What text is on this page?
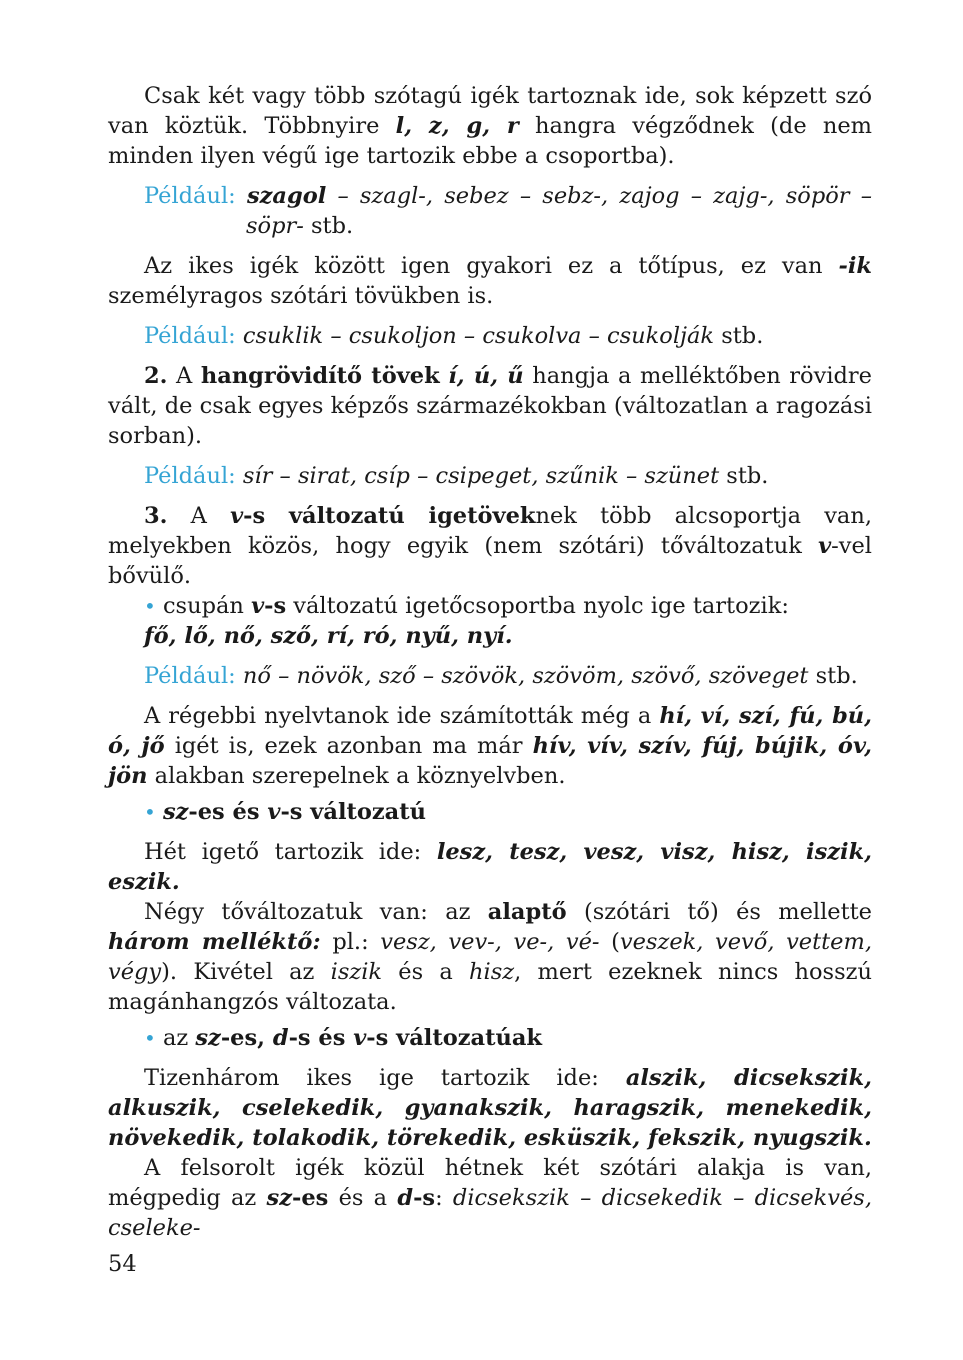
Csak két vagy több szótagú igék tartoznak ide, sok képzett szó van köztük. Többnyire l, z, g, r hangra végződnek (de nem minden ilyen végű ige tartozik ebbe a csoportba).

Például: szagol – szagl-, sebez – sebz-, zajog – zajg-, söpör – söpr- stb.

Az ikes igék között igen gyakori ez a tőtípus, ez van -ik személyragos szótári tövükben is.

Például: csuklik – csukoljon – csukolva – csukolják stb.

2. A hangrövidítő tövek í, ú, ű hangja a melléktőben rövidre vált, de csak egyes képzős származékokban (változatlan a ragozási sorban).

Például: sír – sirat, csíp – csipeget, szűnik – szünet stb.

3. A v-s változatú igetöveknek több alcsoportja van, melyekben közös, hogy egyik (nem szótári) tőváltozatuk v-vel bővülő.

• csupán v-s változatú igetőcsoportba nyolc ige tartozik:
fő, lő, nő, sző, rí, ró, nyű, nyí.

Például: nő – növök, sző – szövök, szövöm, szövő, szöveget stb.

A régebbi nyelvtanok ide számították még a hí, ví, szí, fú, bú, ó, jő igét is, ezek azonban ma már hív, vív, szív, fúj, bújik, óv, jön alakban szerepelnek a köznyelvben.

• sz-es és v-s változatú

Hét igető tartozik ide: lesz, tesz, vesz, visz, hisz, iszik, eszik.

Négy tőváltozatuk van: az alaptő (szótári tő) és mellette három melléktő: pl.: vesz, vev-, ve-, vé- (veszek, vevő, vettem, végy). Kivétel az iszik és a hisz, mert ezeknek nincs hosszú magánhangzós változata.

• az sz-es, d-s és v-s változatúak

Tizenhárom ikes ige tartozik ide: alszik, dicsekszik, alkuszik, cselekedik, gyanakszik, haragszik, menekedik, növekedik, tolakodik, törekedik, esküszik, fekszik, nyugszik.

A felsorolt igék közül hétnek két szótári alakja is van, mégpedig az sz-es és a d-s: dicsekszik – dicsekedik – dicsekvés, cseleke-

54
